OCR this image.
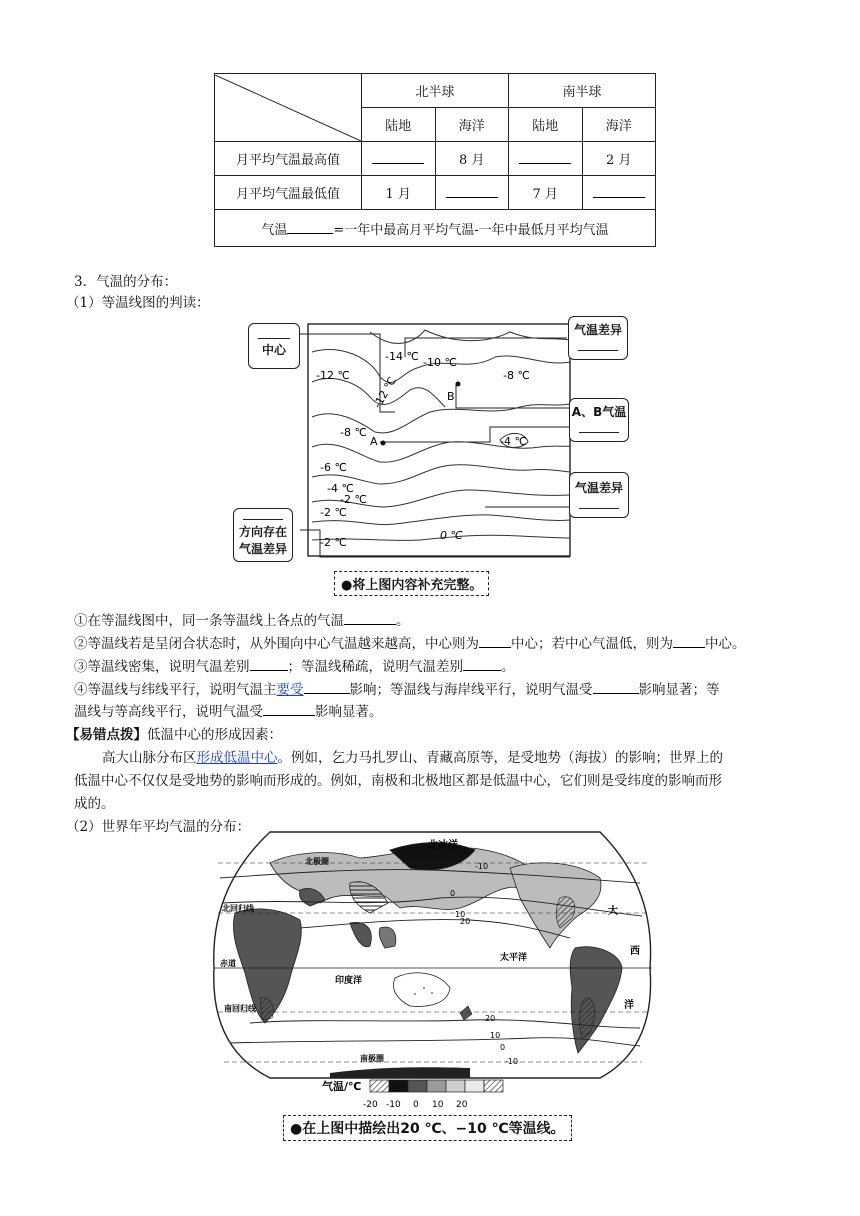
	北半球		南半球	
	陆地	海洋	陆地	海洋
月平均气温最高值		8 月		2 月
月平均气温最低值	1 月		7 月	
气温 =一年中最高月平均气温-一年中最低月平均气温				
3．气温的分布：
（1）等温线图的判读：
-14 ℃ -10 ℃
-12 ℃	-8 ℃
-12 ℃
-8 ℃
-4 ℃
-6 ℃
-4 ℃
-2 ℃
-2 ℃
-2 ℃
0 ℃
A
B
中心
气温差异
A、B气温
气温差异
方向存在
气温差异
●将上图内容补充完整。
①在等温线图中，同一条等温线上各点的气温	。
②等温线若是呈闭合状态时，从外围向中心气温越来越高，中心则为 中心；若中心气温低，则为 中心。
③等温线密集，说明气温差别	；等温线稀疏，说明气温差别	。
④等温线与纬线平行，说明气温主要受	影响；等温线与海岸线平行，说明气温受	影响显著；等
温线与等高线平行，说明气温受	影响显著。
【易错点拨】低温中心的形成因素：
高大山脉分布区形成低温中心。例如，乞力马扎罗山、青藏高原等，是受地势（海拔）的影响；世界上的
低温中心不仅仅是受地势的影响而形成的。例如，南极和北极地区都是低温中心，它们则是受纬度的影响而形
成的。
（2）世界年平均气温的分布：
北冰洋
北极圈
北回归线
赤道
南回归线
南极圈
太平洋
印度洋
大
西
洋
-10
0
10
20
20
10
0
-10
气温/℃
-20 -10 0 10 20
●在上图中描绘出20 ℃、−10 ℃等温线。
